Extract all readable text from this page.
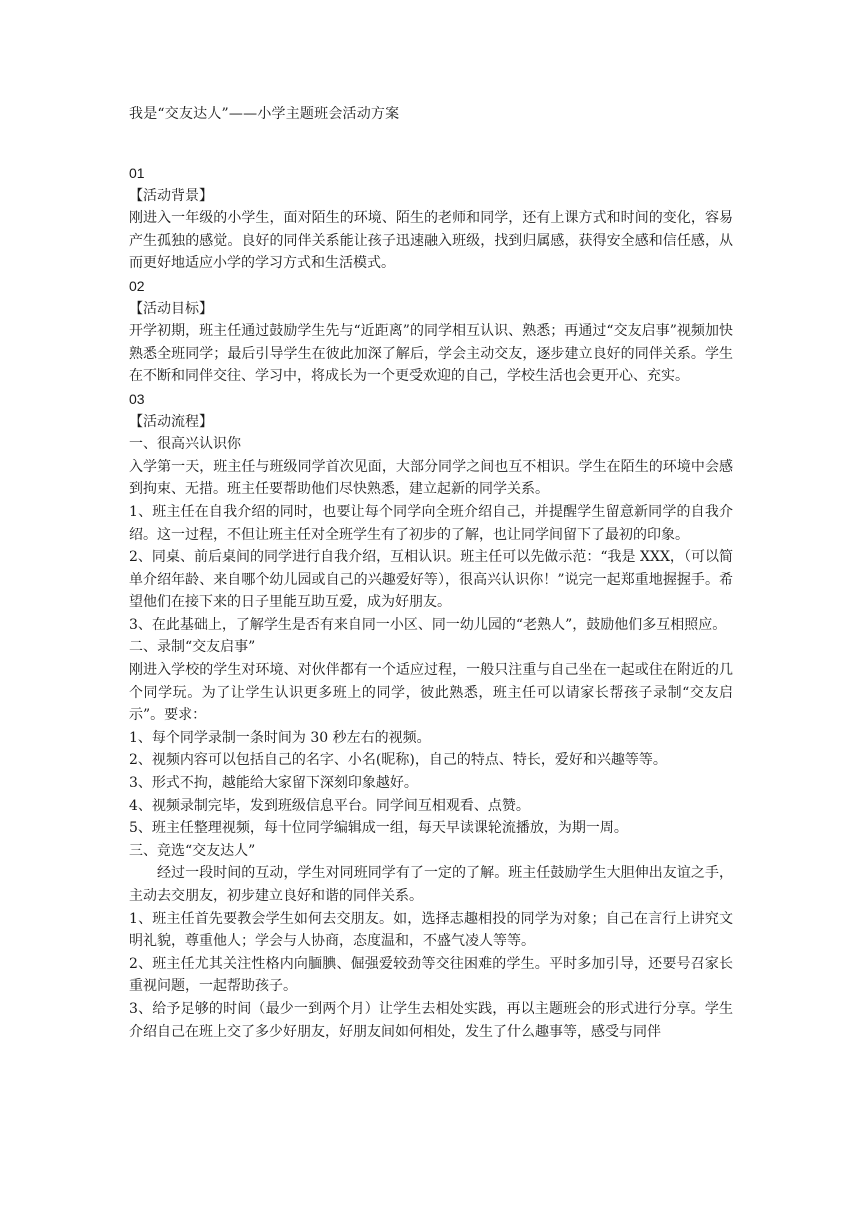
我是“交友达人”——小学主题班会活动方案

01

【活动背景】

刚进入一年级的小学生，面对陌生的环境、陌生的老师和同学，还有上课方式和时间的变化，容易产生孤独的感觉。良好的同伴关系能让孩子迅速融入班级，找到归属感，获得安全感和信任感，从而更好地适应小学的学习方式和生活模式。

02

【活动目标】

开学初期，班主任通过鼓励学生先与“近距离”的同学相互认识、熟悉；再通过“交友启事”视频加快熟悉全班同学；最后引导学生在彼此加深了解后，学会主动交友，逐步建立良好的同伴关系。学生在不断和同伴交往、学习中，将成长为一个更受欢迎的自己，学校生活也会更开心、充实。

03

【活动流程】

一、很高兴认识你

入学第一天，班主任与班级同学首次见面，大部分同学之间也互不相识。学生在陌生的环境中会感到拘束、无措。班主任要帮助他们尽快熟悉，建立起新的同学关系。

1、班主任在自我介绍的同时，也要让每个同学向全班介绍自己，并提醒学生留意新同学的自我介绍。这一过程，不但让班主任对全班学生有了初步的了解，也让同学间留下了最初的印象。

2、同桌、前后桌间的同学进行自我介绍，互相认识。班主任可以先做示范：“我是 XXX，（可以简单介绍年龄、来自哪个幼儿园或自己的兴趣爱好等），很高兴认识你！”说完一起郑重地握握手。希望他们在接下来的日子里能互助互爱，成为好朋友。

3、在此基础上，了解学生是否有来自同一小区、同一幼儿园的“老熟人”，鼓励他们多互相照应。

二、录制“交友启事”

刚进入学校的学生对环境、对伙伴都有一个适应过程，一般只注重与自己坐在一起或住在附近的几个同学玩。为了让学生认识更多班上的同学，彼此熟悉，班主任可以请家长帮孩子录制“交友启示”。要求：

1、每个同学录制一条时间为 30 秒左右的视频。

2、视频内容可以包括自己的名字、小名(昵称)，自己的特点、特长，爱好和兴趣等等。

3、形式不拘，越能给大家留下深刻印象越好。

4、视频录制完毕，发到班级信息平台。同学间互相观看、点赞。

5、班主任整理视频，每十位同学编辑成一组，每天早读课轮流播放，为期一周。

三、竞选“交友达人”

经过一段时间的互动，学生对同班同学有了一定的了解。班主任鼓励学生大胆伸出友谊之手，主动去交朋友，初步建立良好和谐的同伴关系。

1、班主任首先要教会学生如何去交朋友。如，选择志趣相投的同学为对象；自己在言行上讲究文明礼貌，尊重他人；学会与人协商，态度温和，不盛气凌人等等。

2、班主任尤其关注性格内向腼腆、倔强爱较劲等交往困难的学生。平时多加引导，还要号召家长重视问题，一起帮助孩子。

3、给予足够的时间（最少一到两个月）让学生去相处实践，再以主题班会的形式进行分享。学生介绍自己在班上交了多少好朋友，好朋友间如何相处，发生了什么趣事等，感受与同伴
